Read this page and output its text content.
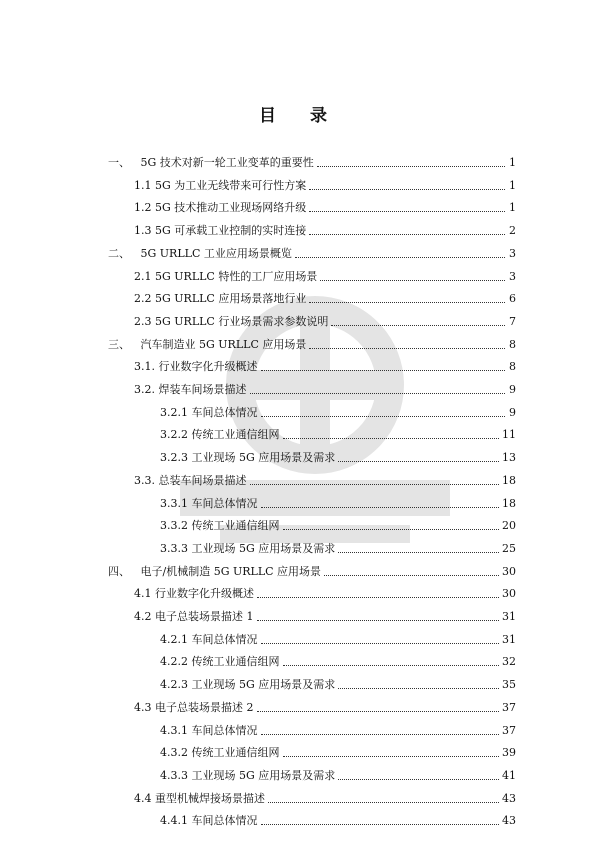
目 录
一、 5G 技术对新一轮工业变革的重要性	1
1.1 5G 为工业无线带来可行性方案	1
1.2 5G 技术推动工业现场网络升级	1
1.3 5G 可承载工业控制的实时连接	2
二、 5G URLLC 工业应用场景概览	3
2.1 5G URLLC 特性的工厂应用场景	3
2.2 5G URLLC 应用场景落地行业	6
2.3 5G URLLC 行业场景需求参数说明	7
三、 汽车制造业 5G URLLC 应用场景	8
3.1. 行业数字化升级概述	8
3.2. 焊装车间场景描述	9
3.2.1 车间总体情况	9
3.2.2 传统工业通信组网	11
3.2.3 工业现场 5G 应用场景及需求	13
3.3. 总装车间场景描述	18
3.3.1 车间总体情况	18
3.3.2 传统工业通信组网	20
3.3.3 工业现场 5G 应用场景及需求	25
四、 电子/机械制造 5G URLLC 应用场景	30
4.1 行业数字化升级概述	30
4.2 电子总装场景描述 1	31
4.2.1 车间总体情况	31
4.2.2 传统工业通信组网	32
4.2.3 工业现场 5G 应用场景及需求	35
4.3 电子总装场景描述 2	37
4.3.1 车间总体情况	37
4.3.2 传统工业通信组网	39
4.3.3 工业现场 5G 应用场景及需求	41
4.4 重型机械焊接场景描述	43
4.4.1 车间总体情况	43
